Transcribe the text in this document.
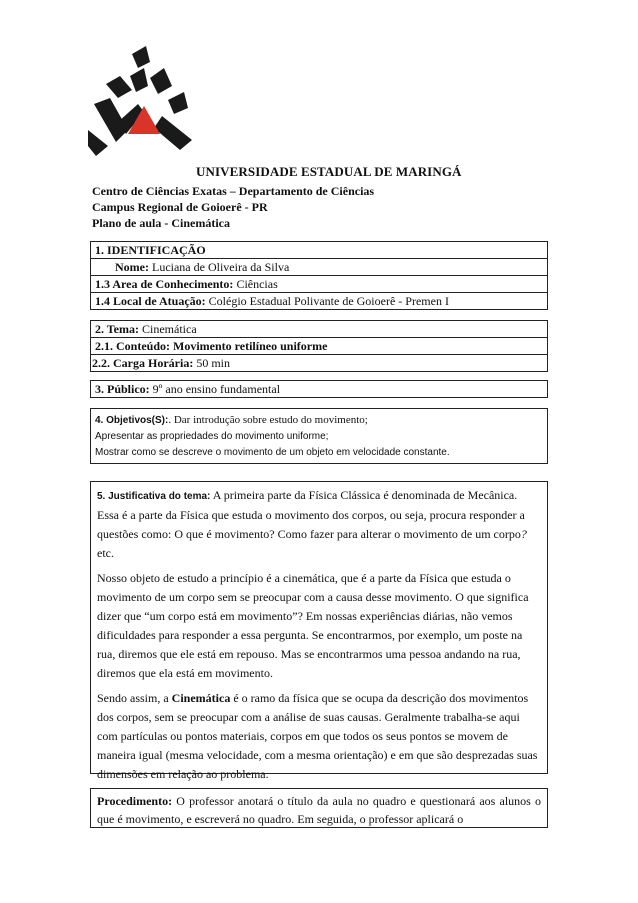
UNIVERSIDADE ESTADUAL DE MARINGÁ
Centro de Ciências Exatas – Departamento de Ciências
Campus Regional de Goioerê - PR
Plano de aula - Cinemática
1. IDENTIFICAÇÃO
Nome: Luciana de Oliveira da Silva
1.3 Area de Conhecimento: Ciências
1.4 Local de Atuação: Colégio Estadual Polivante de Goioerê - Premen I
2. Tema: Cinemática
2.1. Conteúdo: Movimento retilíneo uniforme
2.2. Carga Horária: 50 min
3. Público: 9º ano ensino fundamental
4. Objetivos(S):. Dar introdução sobre estudo do movimento;
Apresentar as propriedades do movimento uniforme;
Mostrar como se descreve o movimento de um objeto em velocidade constante.

5. Justificativa do tema: A primeira parte da Física Clássica é denominada de Mecânica. Essa é a parte da Física que estuda o movimento dos corpos, ou seja, procura responder a questões como: O que é movimento? Como fazer para alterar o movimento de um corpo? etc.

Nosso objeto de estudo a princípio é a cinemática, que é a parte da Física que estuda o movimento de um corpo sem se preocupar com a causa desse movimento. O que significa dizer que “um corpo está em movimento”? Em nossas experiências diárias, não vemos dificuldades para responder a essa pergunta. Se encontrarmos, por exemplo, um poste na rua, diremos que ele está em repouso. Mas se encontrarmos uma pessoa andando na rua, diremos que ela está em movimento.

Sendo assim, a Cinemática é o ramo da física que se ocupa da descrição dos movimentos dos corpos, sem se preocupar com a análise de suas causas. Geralmente trabalha-se aqui com partículas ou pontos materiais, corpos em que todos os seus pontos se movem de maneira igual (mesma velocidade, com a mesma orientação) e em que são desprezadas suas dimensões em relação ao problema.

Procedimento: O professor anotará o título da aula no quadro e questionará aos alunos o que é movimento, e escreverá no quadro. Em seguida, o professor aplicará o
